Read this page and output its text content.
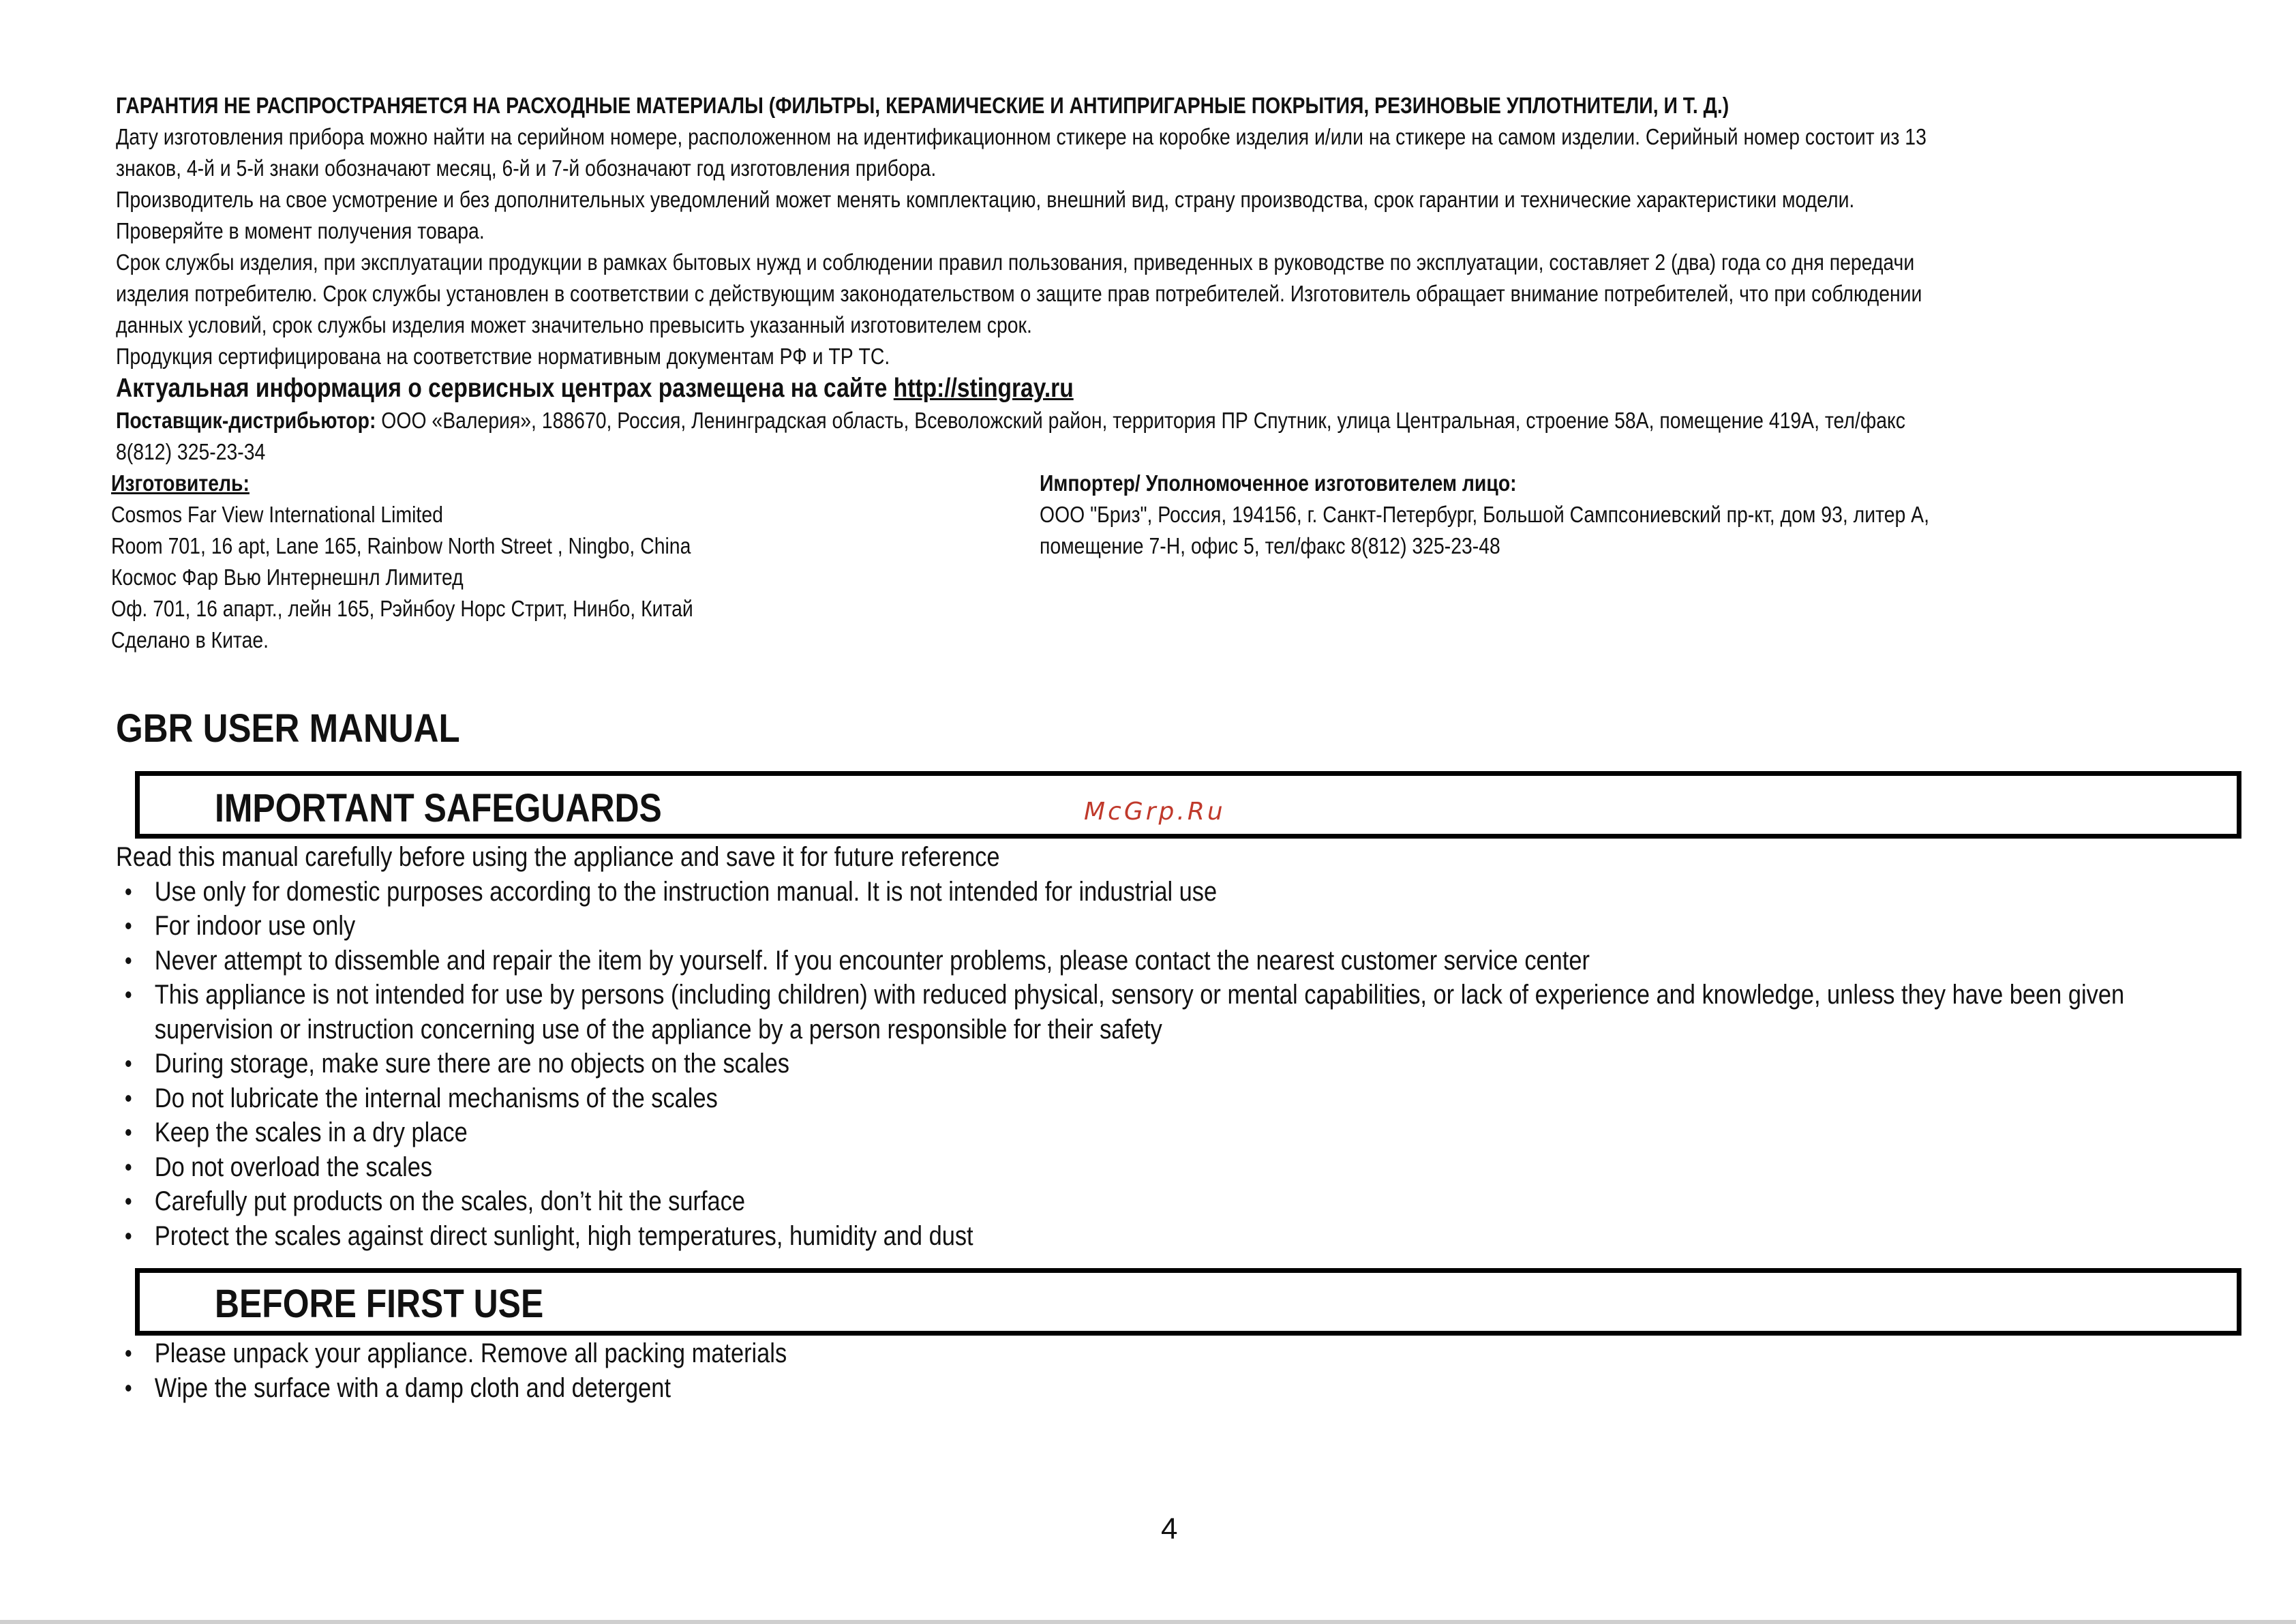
ГАРАНТИЯ НЕ РАСПРОСТРАНЯЕТСЯ НА РАСХОДНЫЕ МАТЕРИАЛЫ (ФИЛЬТРЫ, КЕРАМИЧЕСКИЕ И АНТИПРИГАРНЫЕ ПОКРЫТИЯ, РЕЗИНОВЫЕ УПЛОТНИТЕЛИ, И Т. Д.)

Дату изготовления прибора можно найти на серийном номере, расположенном на идентификационном стикере на коробке изделия и/или на стикере на самом изделии. Серийный номер состоит из 13

знаков, 4-й и 5-й знаки обозначают месяц, 6-й и 7-й обозначают год изготовления прибора.

Производитель на свое усмотрение и без дополнительных уведомлений может менять комплектацию, внешний вид, страну производства, срок гарантии и технические характеристики модели.

Проверяйте в момент получения товара.

Срок службы изделия, при эксплуатации продукции в рамках бытовых нужд и соблюдении правил пользования, приведенных в руководстве по эксплуатации, составляет 2 (два) года со дня передачи

изделия потребителю. Срок службы установлен в соответствии с действующим законодательством о защите прав потребителей. Изготовитель обращает внимание потребителей, что при соблюдении

данных условий, срок службы изделия может значительно превысить указанный изготовителем срок.

Продукция сертифицирована на соответствие нормативным документам РФ и ТР ТС.

Актуальная информация о сервисных центрах размещена на сайте http://stingray.ru

Поставщик-дистрибьютор: ООО «Валерия», 188670, Россия, Ленинградская область, Всеволожский район, территория ПР Спутник, улица Центральная, строение 58А, помещение 419А, тел/факс

8(812) 325-23-34

Изготовитель:

Cosmos Far View International Limited

Room 701, 16 apt, Lane 165, Rainbow North Street , Ningbo, China

Космос Фар Вью Интернешнл Лимитед

Оф. 701, 16 апарт., лейн 165, Рэйнбоу Норс Стрит, Нинбо, Китай

Сделано в Китае.

Импортер/ Уполномоченное изготовителем лицо:

ООО "Бриз", Россия, 194156, г. Санкт-Петербург, Большой Сампсониевский пр-кт, дом 93, литер А,

помещение 7-Н, офис 5, тел/факс 8(812) 325-23-48

GBR USER MANUAL
IMPORTANT SAFEGUARDS	McGrp.Ru

Read this manual carefully before using the appliance and save it for future reference

• Use only for domestic purposes according to the instruction manual. It is not intended for industrial use
• For indoor use only
• Never attempt to dissemble and repair the item by yourself. If you encounter problems, please contact the nearest customer service center
• This appliance is not intended for use by persons (including children) with reduced physical, sensory or mental capabilities, or lack of experience and knowledge, unless they have been given supervision or instruction concerning use of the appliance by a person responsible for their safety
• During storage, make sure there are no objects on the scales
• Do not lubricate the internal mechanisms of the scales
• Keep the scales in a dry place
• Do not overload the scales
• Carefully put products on the scales, don’t hit the surface
• Protect the scales against direct sunlight, high temperatures, humidity and dust
BEFORE FIRST USE
• Please unpack your appliance. Remove all packing materials
• Wipe the surface with a damp cloth and detergent
4
